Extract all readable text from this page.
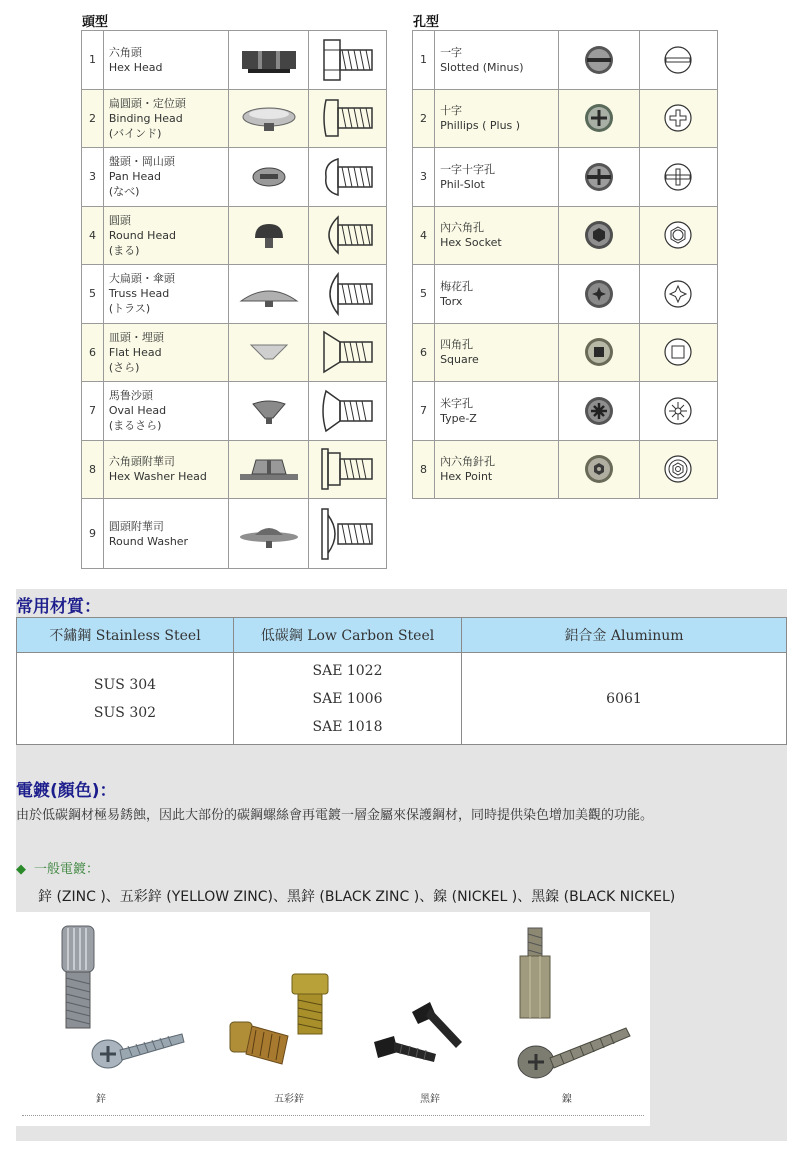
頭型
1	六角頭
Hex Head

2	扁圓頭・定位頭
Binding Head
(バインド)

3	盤頭・岡山頭
Pan Head
(なべ)

4	圓頭
Round Head
(まる)

5	大扁頭・傘頭
Truss Head
(トラス)

6	皿頭・埋頭
Flat Head
(さら)

7	馬鲁沙頭
Oval Head
(まるさら)

8	六角頭附華司
Hex Washer Head

9	圓頭附華司
Round Washer

孔型
1	一字
Slotted (Minus)

2	十字
Phillips ( Plus )

3	一字十字孔
Phil-Slot

4	內六角孔
Hex Socket

5	梅花孔
Torx

6	四角孔
Square

7	米字孔
Type-Z

8	內六角針孔
Hex Point

常用材質：
不鏽鋼 Stainless Steel	低碳鋼 Low Carbon Steel	鋁合金 Aluminum

SUS 304
SUS 302	SAE 1022
SAE 1006
SAE 1018	6061
電鍍(顏色)：
由於低碳鋼材極易銹蝕，因此大部份的碳鋼螺絲會再電鍍一層金屬來保護鋼材，同時提供染色增加美觀的功能。
◆ 一般電鍍：
鋅 (ZINC )、五彩鋅 (YELLOW ZINC)、黑鋅 (BLACK ZINC )、鎳 (NICKEL )、黑鎳 (BLACK NICKEL)
鋅	五彩鋅	黑鋅	鎳
